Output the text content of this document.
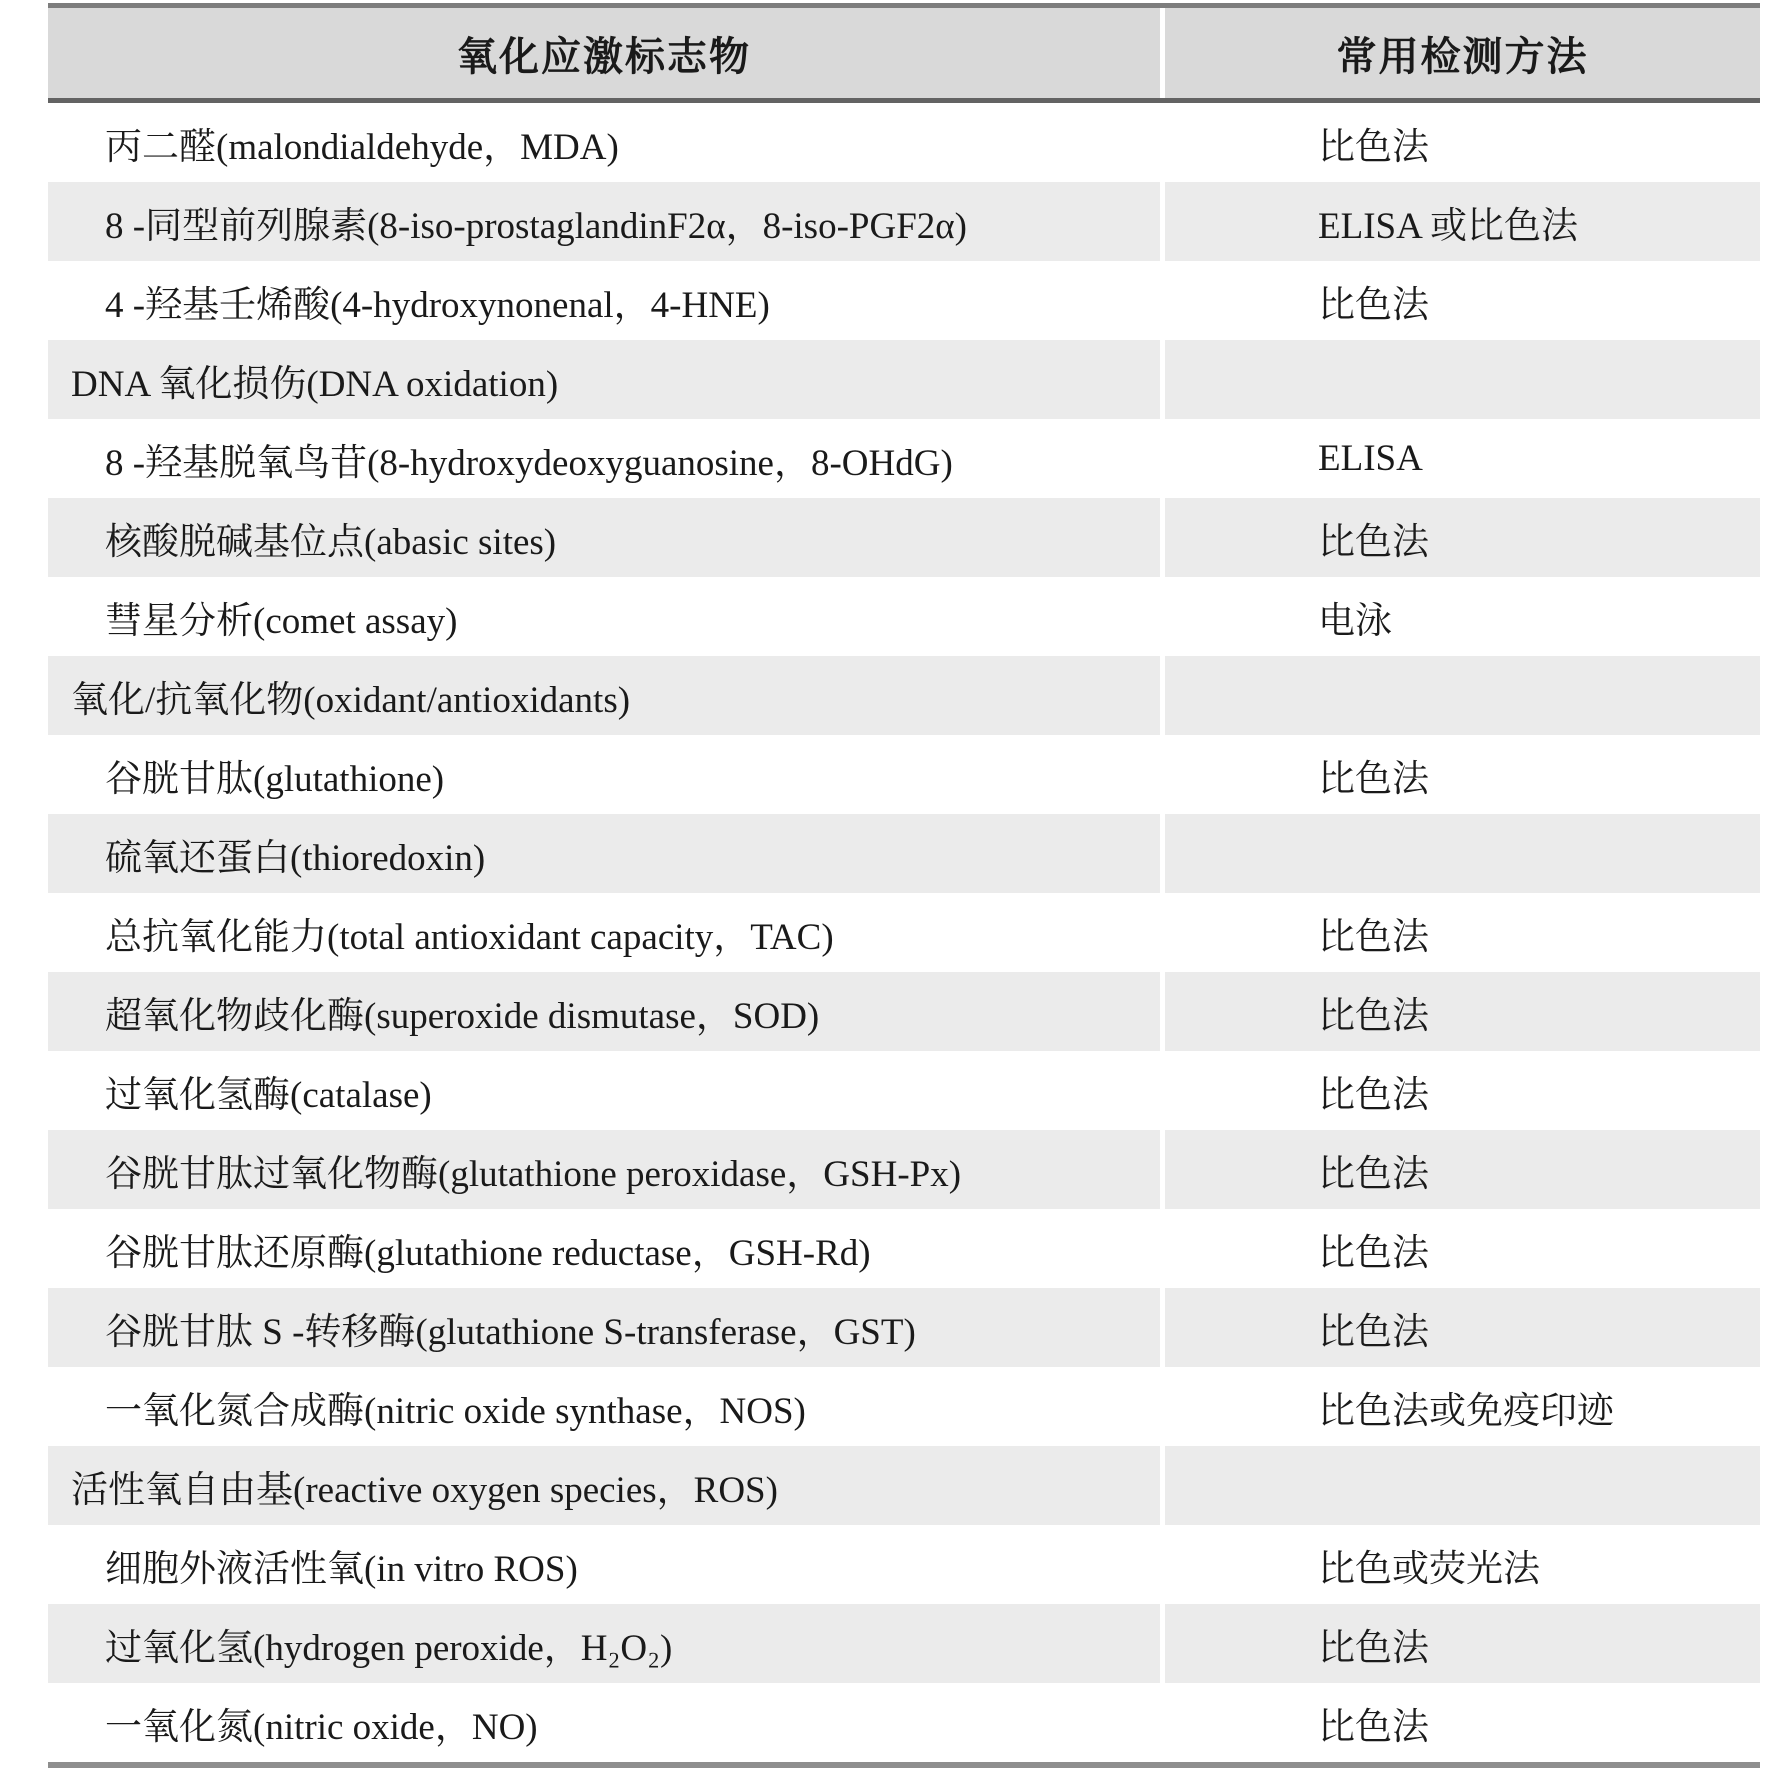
氧化应激标志物	常用检测方法
丙二醛(malondialdehyde，MDA)	比色法
8 -同型前列腺素(8-iso-prostaglandinF2α，8-iso-PGF2α)	ELISA 或比色法
4 -羟基壬烯酸(4-hydroxynonenal，4-HNE)	比色法
DNA 氧化损伤(DNA oxidation)
8 -羟基脱氧鸟苷(8-hydroxydeoxyguanosine，8-OHdG)	ELISA
核酸脱碱基位点(abasic sites)	比色法
彗星分析(comet assay)	电泳
氧化/抗氧化物(oxidant/antioxidants)
谷胱甘肽(glutathione)	比色法
硫氧还蛋白(thioredoxin)
总抗氧化能力(total antioxidant capacity，TAC)	比色法
超氧化物歧化酶(superoxide dismutase，SOD)	比色法
过氧化氢酶(catalase)	比色法
谷胱甘肽过氧化物酶(glutathione peroxidase，GSH-Px)	比色法
谷胱甘肽还原酶(glutathione reductase，GSH-Rd)	比色法
谷胱甘肽 S -转移酶(glutathione S-transferase，GST)	比色法
一氧化氮合成酶(nitric oxide synthase，NOS)	比色法或免疫印迹
活性氧自由基(reactive oxygen species，ROS)
细胞外液活性氧(in vitro ROS)	比色或荧光法
过氧化氢(hydrogen peroxide，H₂O₂)	比色法
一氧化氮(nitric oxide，NO)	比色法
